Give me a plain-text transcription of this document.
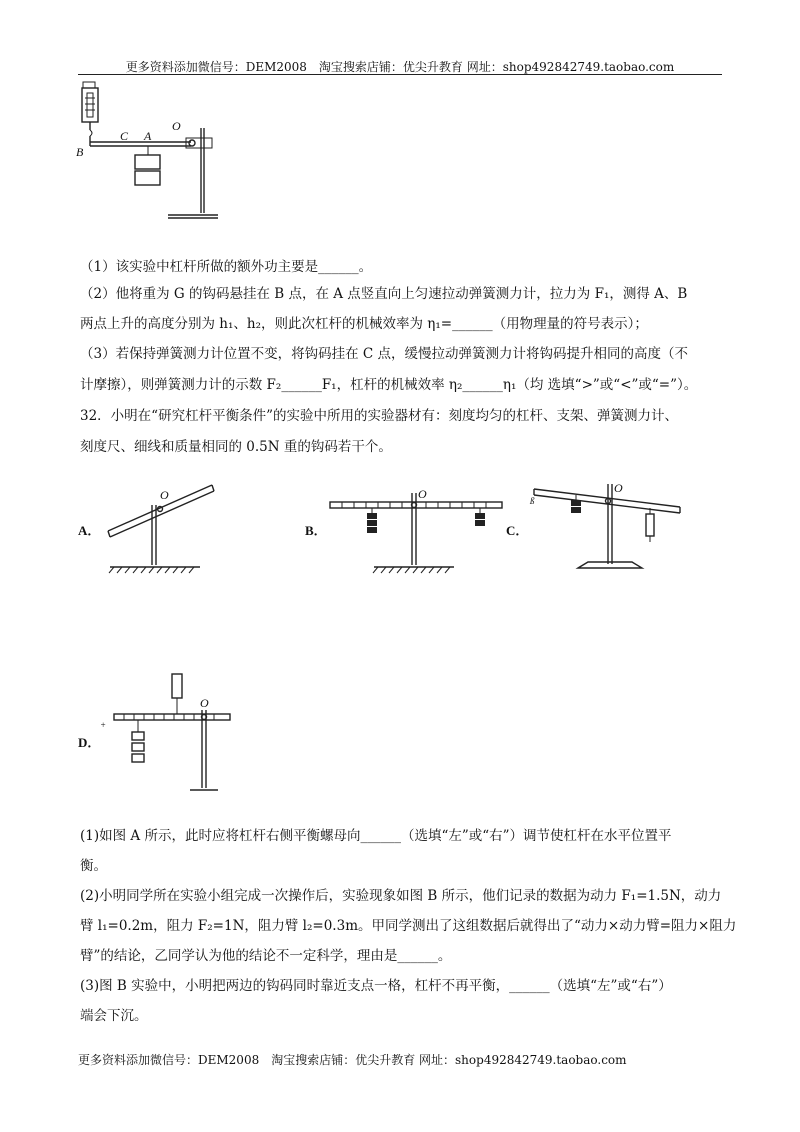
更多资料添加微信号：DEM2008　淘宝搜索店铺：优尖升教育 网址：shop492842749.taobao.com
B
C A
O
（1）该实验中杠杆所做的额外功主要是______。
（2）他将重为 G 的钩码悬挂在 B 点，在 A 点竖直向上匀速拉动弹簧测力计，拉力为 F₁，测得 A、B
两点上升的高度分别为 h₁、h₂，则此次杠杆的机械效率为 η₁=______（用物理量的符号表示）；
（3）若保持弹簧测力计位置不变，将钩码挂在 C 点，缓慢拉动弹簧测力计将钩码提升相同的高度（不
计摩擦），则弹簧测力计的示数 F₂______F₁，杠杆的机械效率 η₂______η₁（均 选填“>”或“<”或“=”）。
32．小明在“研究杠杆平衡条件”的实验中所用的实验器材有：刻度均匀的杠杆、支架、弹簧测力计、
刻度尺、细线和质量相同的 0.5N 重的钩码若干个。
A．
O
B．
O
C．
ß
O
D．
+
O
(1)如图 A 所示，此时应将杠杆右侧平衡螺母向______（选填“左”或“右”）调节使杠杆在水平位置平
衡。
(2)小明同学所在实验小组完成一次操作后，实验现象如图 B 所示，他们记录的数据为动力 F₁=1.5N，动力
臂 l₁=0.2m，阻力 F₂=1N，阻力臂 l₂=0.3m。甲同学测出了这组数据后就得出了“动力×动力臂=阻力×阻力
臂”的结论，乙同学认为他的结论不一定科学，理由是______。
(3)图 B 实验中，小明把两边的钩码同时靠近支点一格，杠杆不再平衡，______（选填“左”或“右”）
端会下沉。
更多资料添加微信号：DEM2008　淘宝搜索店铺：优尖升教育 网址：shop492842749.taobao.com
